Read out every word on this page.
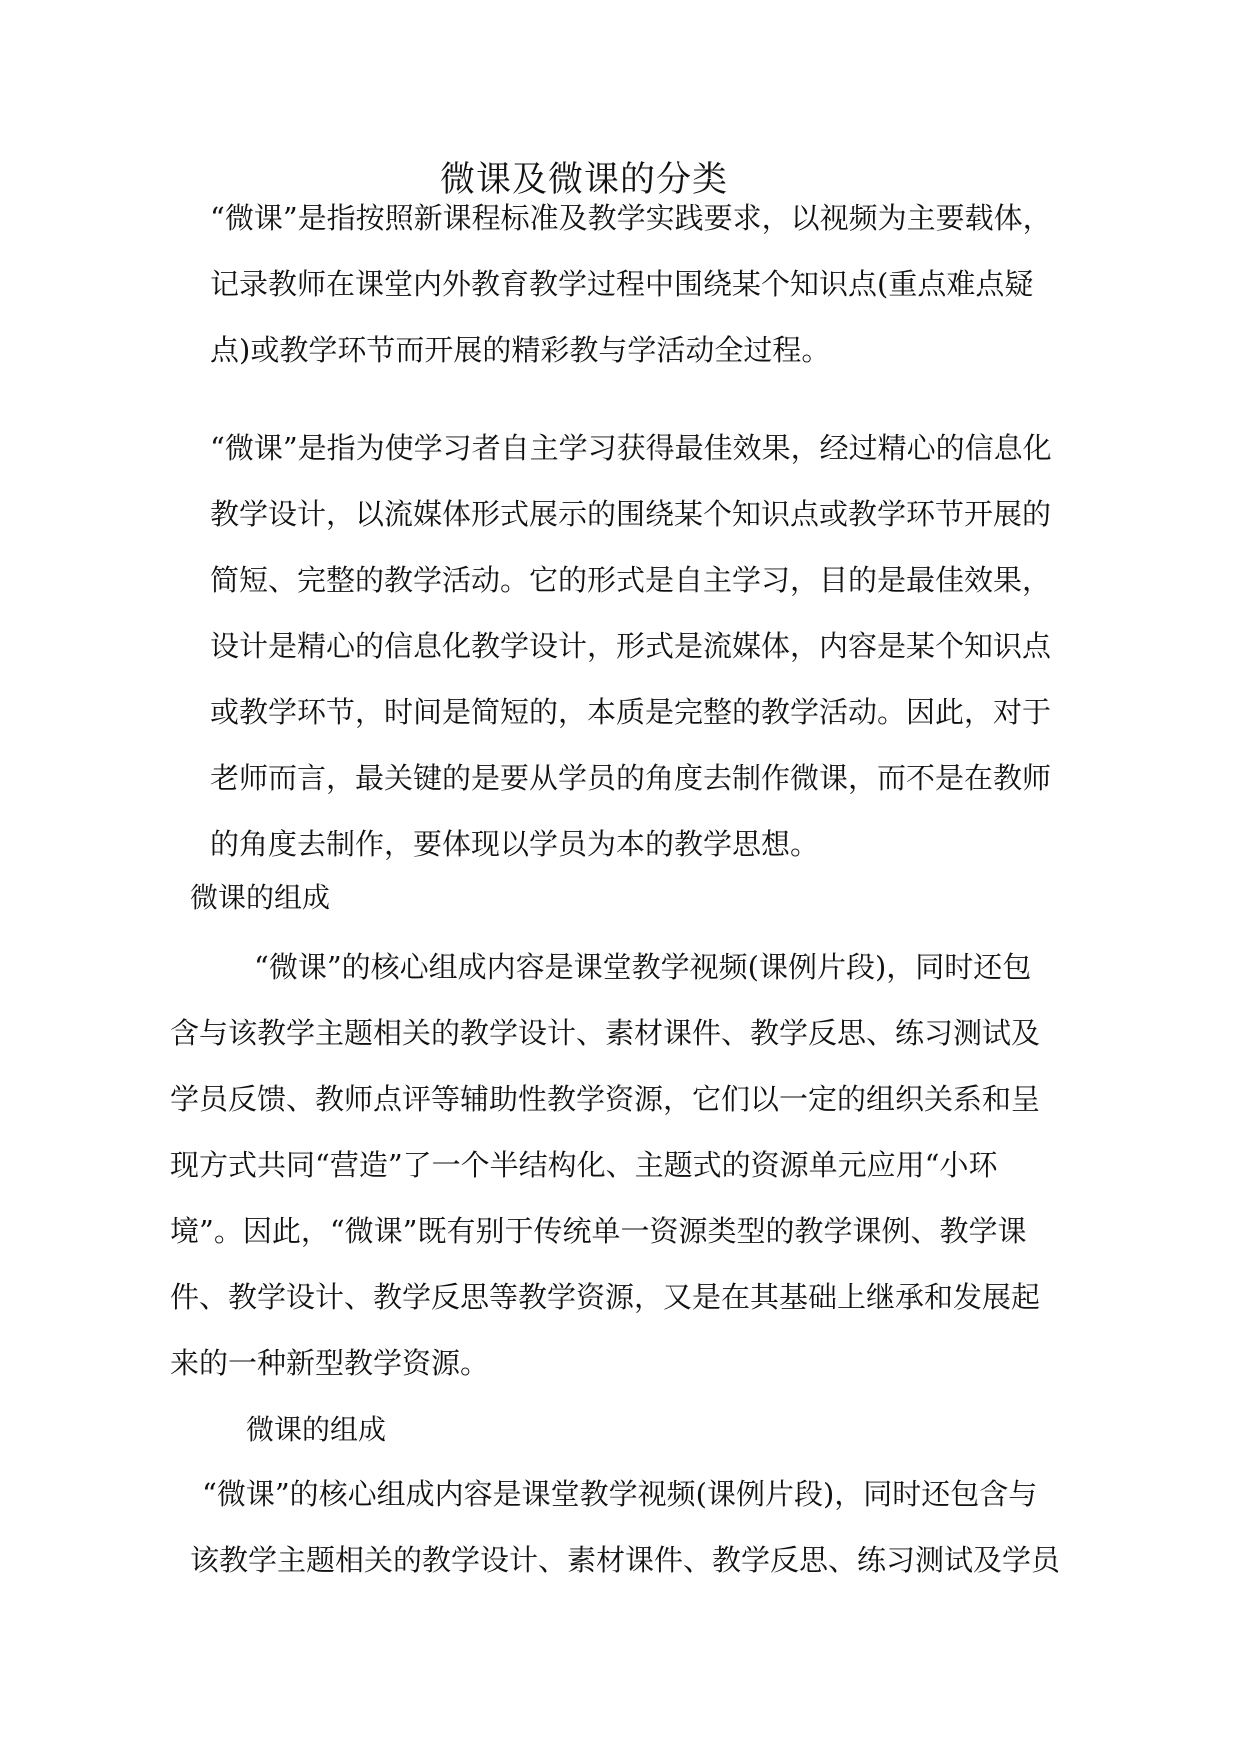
微课及微课的分类

“微课”是指按照新课程标准及教学实践要求，以视频为主要载体，记录教师在课堂内外教育教学过程中围绕某个知识点(重点难点疑点)或教学环节而开展的精彩教与学活动全过程。

“微课”是指为使学习者自主学习获得最佳效果，经过精心的信息化教学设计，以流媒体形式展示的围绕某个知识点或教学环节开展的简短、完整的教学活动。它的形式是自主学习，目的是最佳效果，设计是精心的信息化教学设计，形式是流媒体，内容是某个知识点或教学环节，时间是简短的，本质是完整的教学活动。因此，对于老师而言，最关键的是要从学员的角度去制作微课，而不是在教师的角度去制作，要体现以学员为本的教学思想。

微课的组成

“微课”的核心组成内容是课堂教学视频(课例片段)，同时还包含与该教学主题相关的教学设计、素材课件、教学反思、练习测试及学员反馈、教师点评等辅助性教学资源，它们以一定的组织关系和呈现方式共同“营造”了一个半结构化、主题式的资源单元应用“小环境”。因此，“微课”既有别于传统单一资源类型的教学课例、教学课件、教学设计、教学反思等教学资源，又是在其基础上继承和发展起来的一种新型教学资源。

微课的组成

“微课”的核心组成内容是课堂教学视频(课例片段)，同时还包含与该教学主题相关的教学设计、素材课件、教学反思、练习测试及学员
